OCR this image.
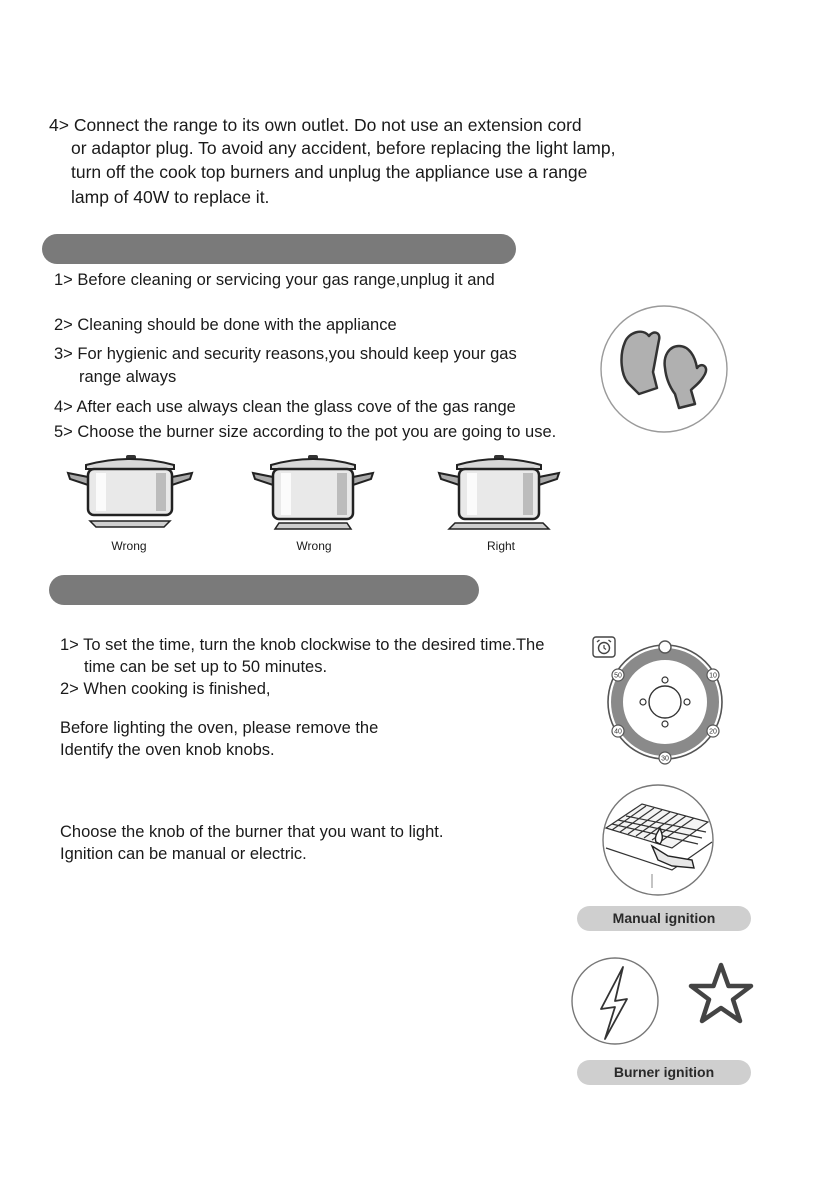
4> Connect the range to its own outlet. Do not use an extension cord
or adaptor plug. To avoid any accident, before replacing the light lamp,
turn off the cook top burners and unplug the appliance use a range
lamp of 40W to replace it.
1> Before cleaning or servicing your gas range,unplug it and
2> Cleaning should be done with the appliance
3> For hygienic and security reasons,you should keep your gas
range always
4> After each use always clean the glass cove of the gas range
5> Choose the burner size according to the pot you are going to use.
Wrong	Wrong	Right
1> To set the time, turn the knob clockwise to the desired time.The
time can be set up to 50 minutes.
2> When cooking is finished,
50	10
40	20
30
Before lighting the oven, please remove the
Identify the oven knob knobs.
Choose the knob of the burner that you want to light.
Ignition can be manual or electric.
Manual ignition
Burner ignition
